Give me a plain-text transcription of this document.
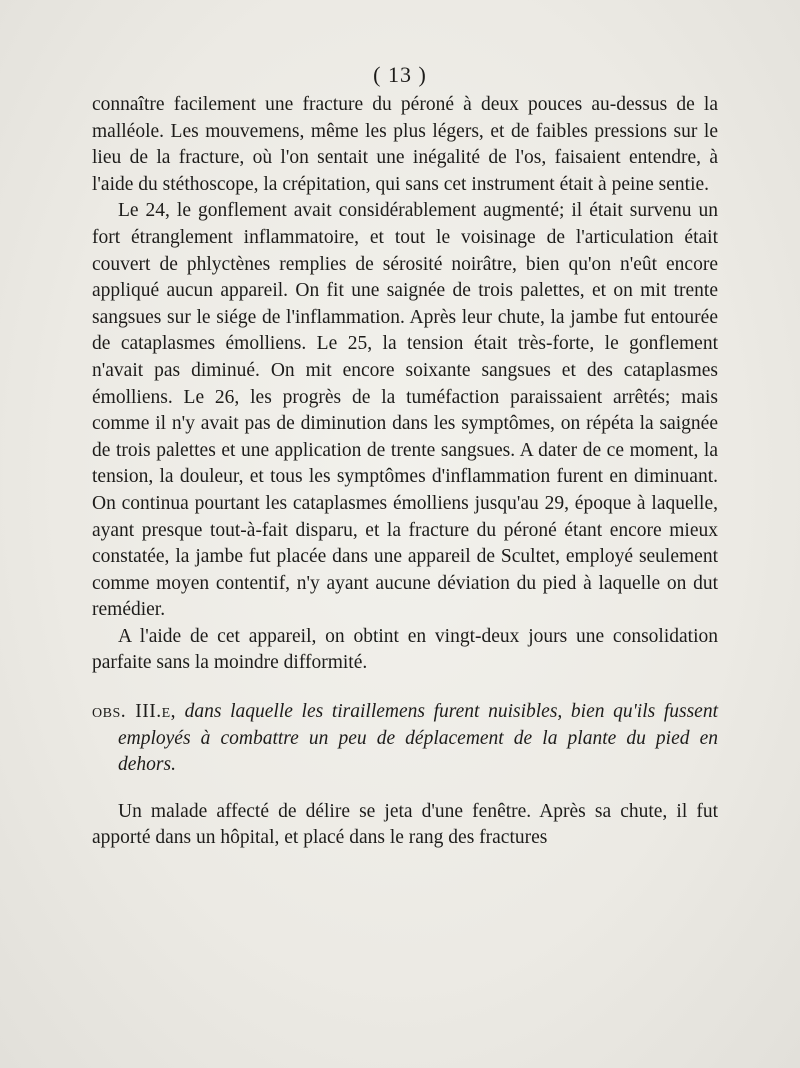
( 13 )

connaître facilement une fracture du péroné à deux pouces au-dessus de la malléole. Les mouvemens, même les plus légers, et de faibles pressions sur le lieu de la fracture, où l'on sentait une inégalité de l'os, faisaient entendre, à l'aide du stéthoscope, la crépitation, qui sans cet instrument était à peine sentie.

Le 24, le gonflement avait considérablement augmenté; il était survenu un fort étranglement inflammatoire, et tout le voisinage de l'articulation était couvert de phlyctènes remplies de sérosité noirâtre, bien qu'on n'eût encore appliqué aucun appareil. On fit une saignée de trois palettes, et on mit trente sangsues sur le siége de l'inflammation. Après leur chute, la jambe fut entourée de cataplasmes émolliens. Le 25, la tension était très-forte, le gonflement n'avait pas diminué. On mit encore soixante sangsues et des cataplasmes émolliens. Le 26, les progrès de la tuméfaction paraissaient arrêtés; mais comme il n'y avait pas de diminution dans les symptômes, on répéta la saignée de trois palettes et une application de trente sangsues. A dater de ce moment, la tension, la douleur, et tous les symptômes d'inflammation furent en diminuant. On continua pourtant les cataplasmes émolliens jusqu'au 29, époque à laquelle, ayant presque tout-à-fait disparu, et la fracture du péroné étant encore mieux constatée, la jambe fut placée dans une appareil de Scultet, employé seulement comme moyen contentif, n'y ayant aucune déviation du pied à laquelle on dut remédier.

A l'aide de cet appareil, on obtint en vingt-deux jours une consolidation parfaite sans la moindre difformité.

obs. III.e, dans laquelle les tiraillemens furent nuisibles, bien qu'ils fussent employés à combattre un peu de déplacement de la plante du pied en dehors.

Un malade affecté de délire se jeta d'une fenêtre. Après sa chute, il fut apporté dans un hôpital, et placé dans le rang des fractures
